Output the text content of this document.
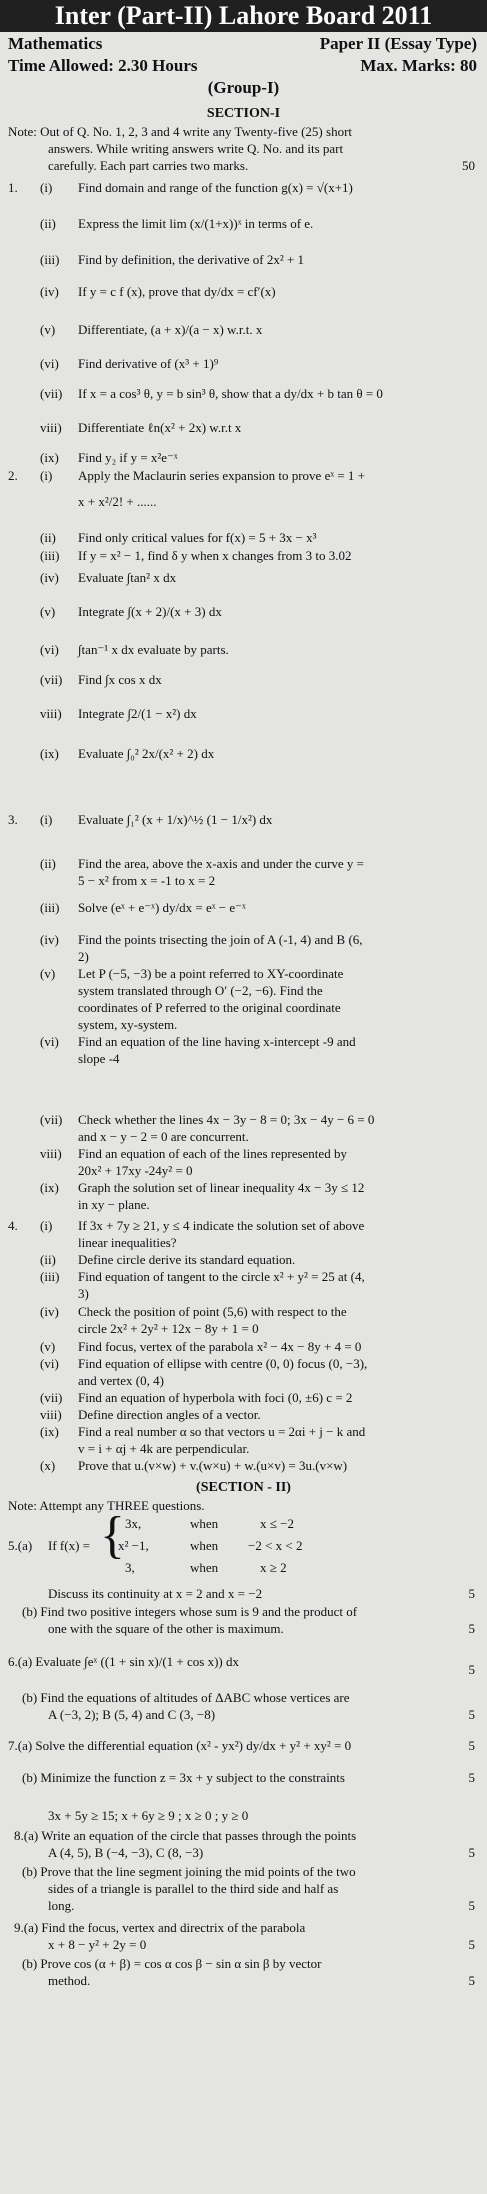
Inter (Part-II) Lahore Board 2011
Mathematics	Paper II (Essay Type)
Time Allowed: 2.30 Hours	Max. Marks: 80
(Group-I)
SECTION-I
Note: Out of Q. No. 1, 2, 3 and 4 write any Twenty-five (25) short
answers. While writing answers write Q. No. and its part
carefully. Each part carries two marks.	50
1. (i) Find domain and range of the function g(x) = √(x+1)
(ii) Express the limit lim (x/(1+x))ˣ in terms of e.
(iii) Find by definition, the derivative of 2x² + 1
(iv) If y = c f (x), prove that dy/dx = cf′(x)
(v) Differentiate, (a + x)/(a − x) w.r.t. x
(vi) Find derivative of (x³ + 1)⁹
(vii) If x = a cos³ θ, y = b sin³ θ, show that a dy/dx + b tan θ = 0
viii) Differentiate ℓn(x² + 2x) w.r.t x
(ix) Find y₂ if y = x²e⁻ˣ
2. (i) Apply the Maclaurin series expansion to prove eˣ = 1 +
x + x²/2! + ......
(ii) Find only critical values for f(x) = 5 + 3x − x³
(iii) If y = x² − 1, find δ y when x changes from 3 to 3.02
(iv) Evaluate ∫tan² x dx
(v) Integrate ∫(x + 2)/(x + 3) dx
(vi) ∫tan⁻¹ x dx evaluate by parts.
(vii) Find ∫x cos x dx
viii) Integrate ∫2/(1 − x²) dx
(ix) Evaluate ∫₀² 2x/(x² + 2) dx
3. (i) Evaluate ∫₁² (x + 1/x)^½ (1 − 1/x²) dx
(ii) Find the area, above the x-axis and under the curve y =
5 − x² from x = -1 to x = 2
(iii) Solve (eˣ + e⁻ˣ) dy/dx = eˣ − e⁻ˣ
(iv) Find the points trisecting the join of A (-1, 4) and B (6,
2)
(v) Let P (−5, −3) be a point referred to XY-coordinate
system translated through O′ (−2, −6). Find the
coordinates of P referred to the original coordinate
system, xy-system.
(vi) Find an equation of the line having x-intercept -9 and
slope -4
(vii) Check whether the lines 4x − 3y − 8 = 0; 3x − 4y − 6 = 0
and x − y − 2 = 0 are concurrent.
viii) Find an equation of each of the lines represented by
20x² + 17xy -24y² = 0
(ix) Graph the solution set of linear inequality 4x − 3y ≤ 12
in xy − plane.
4. (i) If 3x + 7y ≥ 21, y ≤ 4 indicate the solution set of above
linear inequalities?
(ii) Define circle derive its standard equation.
(iii) Find equation of tangent to the circle x² + y² = 25 at (4,
3)
(iv) Check the position of point (5,6) with respect to the
circle 2x² + 2y² + 12x − 8y + 1 = 0
(v) Find focus, vertex of the parabola x² − 4x − 8y + 4 = 0
(vi) Find equation of ellipse with centre (0, 0) focus (0, −3),
and vertex (0, 4)
(vii) Find an equation of hyperbola with foci (0, ±6) c = 2
viii) Define direction angles of a vector.
(ix) Find a real number α so that vectors u = 2αi + j − k and
v = i + αj + 4k are perpendicular.
(x) Prove that u.(v×w) + v.(w×u) + w.(u×v) = 3u.(v×w)
(SECTION - II)
Note: Attempt any THREE questions.
5.(a) If f(x) = { 3x,	when	x ≤ −2
x² −1,	when −2 < x < 2
3,	when	x ≥ 2
Discuss its continuity at x = 2 and x = −2	5
(b) Find two positive integers whose sum is 9 and the product of
one with the square of the other is maximum.	5
6.(a) Evaluate ∫eˣ ((1 + sin x)/(1 + cos x)) dx
5
(b) Find the equations of altitudes of ΔABC whose vertices are
A (−3, 2); B (5, 4) and C (3, −8)	5
7.(a) Solve the differential equation (x² - yx²) dy/dx + y² + xy² = 0	5
(b) Minimize the function z = 3x + y subject to the constraints	5
3x + 5y ≥ 15; x + 6y ≥ 9 ; x ≥ 0 ; y ≥ 0
8.(a) Write an equation of the circle that passes through the points
A (4, 5), B (−4, −3), C (8, −3)	5
(b) Prove that the line segment joining the mid points of the two
sides of a triangle is parallel to the third side and half as
long.	5
9.(a) Find the focus, vertex and directrix of the parabola
x + 8 − y² + 2y = 0	5
(b) Prove cos (α + β) = cos α cos β − sin α sin β by vector
method.	5
